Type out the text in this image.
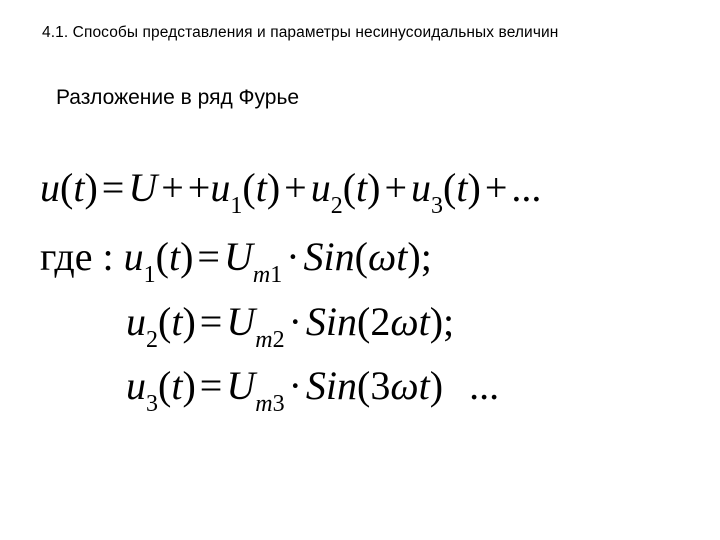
4.1. Способы представления и параметры несинусоидальных величин
Разложение в ряд Фурье
$u(t) = U + +u_1(t) + u_2(t) + u_3(t)$ + ...
где : $u_1(t) = U_{m1} \cdot Sin(\omega t)$;
$u_2(t) = U_{m2} \cdot Sin(2\omega t)$;
$u_3(t) = U_{m3} \cdot Sin(3\omega t)$ ...
